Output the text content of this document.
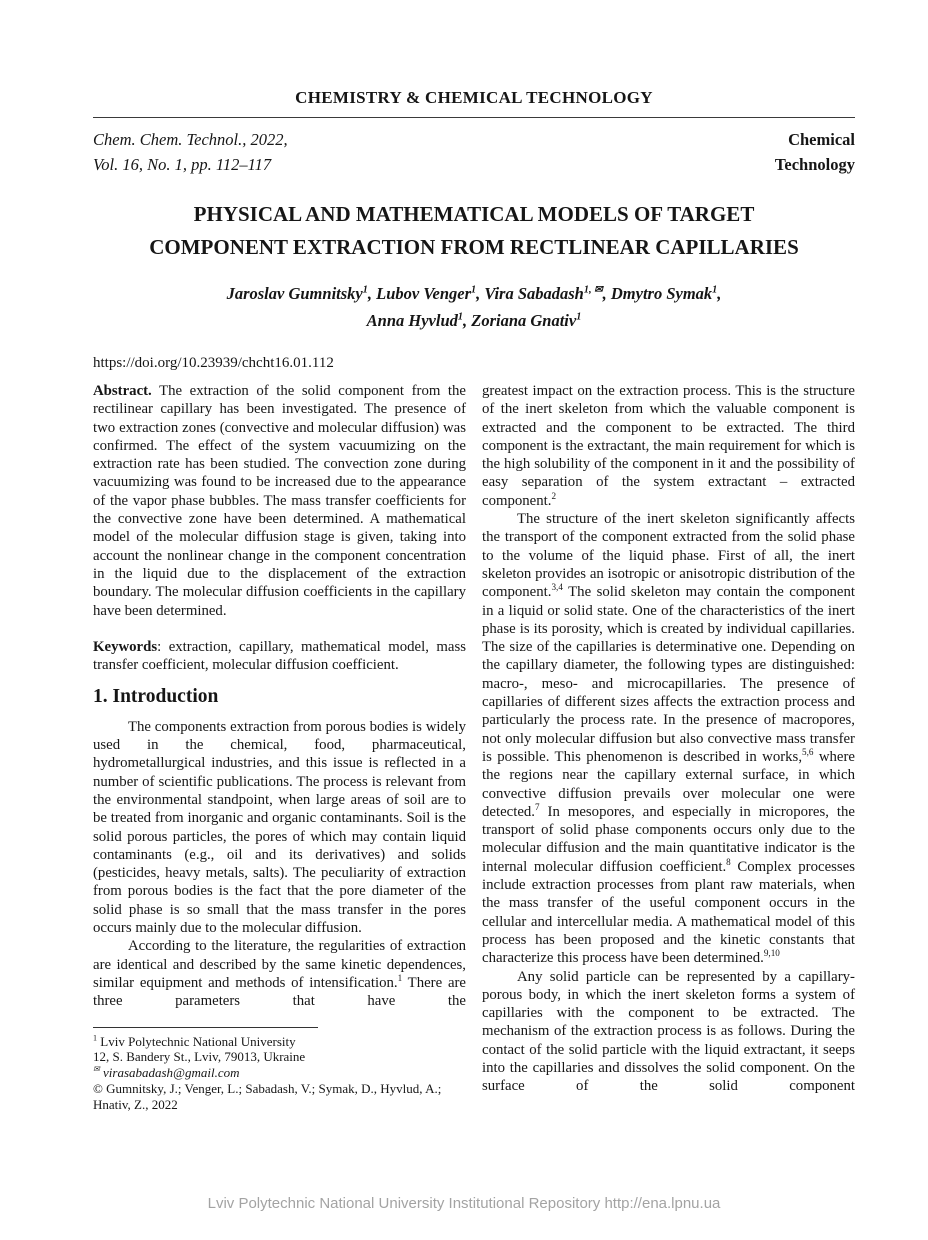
CHEMISTRY & CHEMICAL TECHNOLOGY
Chem. Chem. Technol., 2022,
Vol. 16, No. 1, pp. 112–117
Chemical
Technology
PHYSICAL AND MATHEMATICAL MODELS OF TARGET
COMPONENT EXTRACTION FROM RECTLINEAR CAPILLARIES
Jaroslav Gumnitsky$^1$, Lubov Venger$^1$, Vira Sabadash$^{1, ✉}$, Dmytro Symak$^1$,
Anna Hyvlud$^1$, Zoriana Gnativ$^1$
https://doi.org/10.23939/chcht16.01.112

Abstract. The extraction of the solid component from the rectilinear capillary has been investigated. The presence of two extraction zones (convective and molecular diffusion) was confirmed. The effect of the system vacuumizing on the extraction rate has been studied. The convection zone during vacuumizing was found to be increased due to the appearance of the vapor phase bubbles. The mass transfer coefficients for the convective zone have been determined. A mathematical model of the molecular diffusion stage is given, taking into account the nonlinear change in the component concentration in the liquid due to the displacement of the extraction boundary. The molecular diffusion coefficients in the capillary have been determined.

Keywords: extraction, capillary, mathematical model, mass transfer coefficient, molecular diffusion coefficient.

1. Introduction

The components extraction from porous bodies is widely used in the chemical, food, pharmaceutical, hydrometallurgical industries, and this issue is reflected in a number of scientific publications. The process is relevant from the environmental standpoint, when large areas of soil are to be treated from inorganic and organic contaminants. Soil is the solid porous particles, the pores of which may contain liquid contaminants (e.g., oil and its derivatives) and solids (pesticides, heavy metals, salts). The peculiarity of extraction from porous bodies is the fact that the pore diameter of the solid phase is so small that the mass transfer in the pores occurs mainly due to the molecular diffusion.

According to the literature, the regularities of extraction are identical and described by the same kinetic dependences, similar equipment and methods of intensification.$^1$ There are three parameters that have the

$^1$ Lviv Polytechnic National University
12, S. Bandery St., Lviv, 79013, Ukraine
✉ virasabadash@gmail.com
© Gumnitsky, J.; Venger, L.; Sabadash, V.; Symak, D., Hyvlud, A.; Hnativ, Z., 2022

greatest impact on the extraction process. This is the structure of the inert skeleton from which the valuable component is extracted and the component to be extracted. The third component is the extractant, the main requirement for which is the high solubility of the component in it and the possibility of easy separation of the system extractant – extracted component.$^2$

The structure of the inert skeleton significantly affects the transport of the component extracted from the solid phase to the volume of the liquid phase. First of all, the inert skeleton provides an isotropic or anisotropic distribution of the component.$^{3,4}$ The solid skeleton may contain the component in a liquid or solid state. One of the characteristics of the inert phase is its porosity, which is created by individual capillaries. The size of the capillaries is determinative one. Depending on the capillary diameter, the following types are distinguished: macro-, meso- and microcapillaries. The presence of capillaries of different sizes affects the extraction process and particularly the process rate. In the presence of macropores, not only molecular diffusion but also convective mass transfer is possible. This phenomenon is described in works,$^{5,6}$ where the regions near the capillary external surface, in which convective diffusion prevails over molecular one were detected.$^7$ In mesopores, and especially in micropores, the transport of solid phase components occurs only due to the molecular diffusion and the main quantitative indicator is the internal molecular diffusion coefficient.$^8$ Complex processes include extraction processes from plant raw materials, when the mass transfer of the useful component occurs in the cellular and intercellular media. A mathematical model of this process has been proposed and the kinetic constants that characterize this process have been determined.$^{9,10}$

Any solid particle can be represented by a capillary-porous body, in which the inert skeleton forms a system of capillaries with the component to be extracted. The mechanism of the extraction process is as follows. During the contact of the solid particle with the liquid extractant, it seeps into the capillaries and dissolves the solid component. On the surface of the solid component

Lviv Polytechnic National University Institutional Repository http://ena.lpnu.ua
